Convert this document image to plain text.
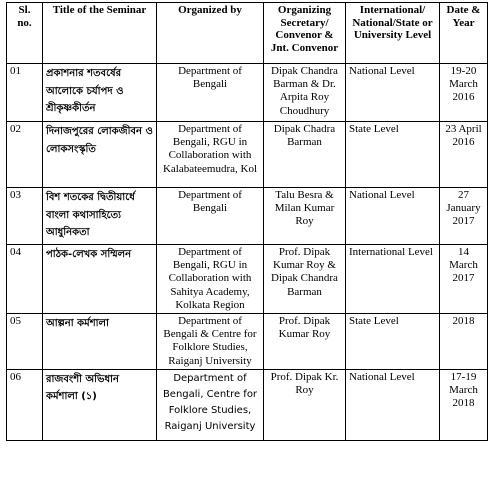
Sl. no.	Title of the Seminar	Organized by	Organizing Secretary/ Convenor & Jnt. Convenor	International/ National/State or University Level	Date & Year
01	প্রকাশনার শতবর্ষের আলোকে চর্যাপদ ও শ্রীকৃষ্ণকীর্তন	Department of Bengali	Dipak Chandra Barman & Dr. Arpita Roy Choudhury	National Level	19-20 March 2016
02	দিনাজপুরের লোকজীবন ও লোকসংস্কৃতি	Department of Bengali, RGU in Collaboration with Kalabateemudra, Kol	Dipak Chadra Barman	State Level	23 April 2016
03	বিশ শতকের দ্বিতীয়ার্ধে বাংলা কথাসাহিত্যে আধুনিকতা	Department of Bengali	Talu Besra & Milan Kumar Roy	National Level	27 January 2017
04	পাঠক-লেখক সম্মিলন	Department of Bengali, RGU in Collaboration with Sahitya Academy, Kolkata Region	Prof. Dipak Kumar Roy & Dipak Chandra Barman	International Level	14 March 2017
05	আল্পনা কর্মশালা	Department of Bengali & Centre for Folklore Studies, Raiganj University	Prof. Dipak Kumar Roy	State Level	2018
06	রাজবংশী অভিধান কর্মশালা (১)	Department of Bengali, Centre for Folklore Studies, Raiganj University	Prof. Dipak Kr. Roy	National Level	17-19 March 2018
